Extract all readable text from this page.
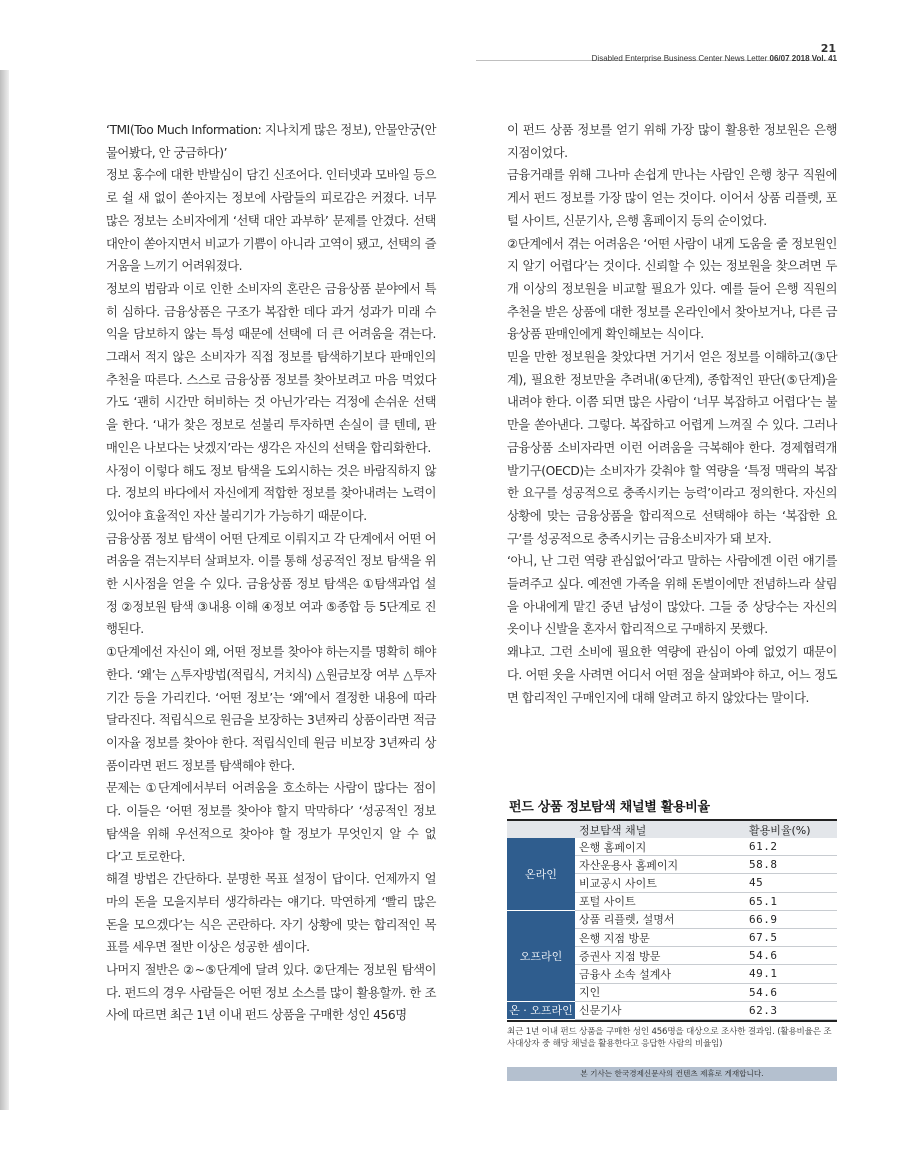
21
Disabled Enterprise Business Center News Letter 06/07 2018 Vol. 41

‘TMI(Too Much Information: 지나치게 많은 정보), 안물안궁(안 물어봤다, 안 궁금하다)’

정보 홍수에 대한 반발심이 담긴 신조어다. 인터넷과 모바일 등으로 쉴 새 없이 쏟아지는 정보에 사람들의 피로감은 커졌다. 너무 많은 정보는 소비자에게 ‘선택 대안 과부하’ 문제를 안겼다. 선택 대안이 쏟아지면서 비교가 기쁨이 아니라 고역이 됐고, 선택의 즐거움을 느끼기 어려워졌다.

정보의 범람과 이로 인한 소비자의 혼란은 금융상품 분야에서 특히 심하다. 금융상품은 구조가 복잡한 데다 과거 성과가 미래 수익을 담보하지 않는 특성 때문에 선택에 더 큰 어려움을 겪는다. 그래서 적지 않은 소비자가 직접 정보를 탐색하기보다 판매인의 추천을 따른다. 스스로 금융상품 정보를 찾아보려고 마음 먹었다가도 ‘괜히 시간만 허비하는 것 아닌가’라는 걱정에 손쉬운 선택을 한다. ‘내가 찾은 정보로 섣불리 투자하면 손실이 클 텐데, 판매인은 나보다는 낫겠지’라는 생각은 자신의 선택을 합리화한다.

사정이 이렇다 해도 정보 탐색을 도외시하는 것은 바람직하지 않다. 정보의 바다에서 자신에게 적합한 정보를 찾아내려는 노력이 있어야 효율적인 자산 불리기가 가능하기 때문이다.

금융상품 정보 탐색이 어떤 단계로 이뤄지고 각 단계에서 어떤 어려움을 겪는지부터 살펴보자. 이를 통해 성공적인 정보 탐색을 위한 시사점을 얻을 수 있다. 금융상품 정보 탐색은 ①탐색과업 설정 ②정보원 탐색 ③내용 이해 ④정보 여과 ⑤종합 등 5단계로 진행된다.

①단계에선 자신이 왜, 어떤 정보를 찾아야 하는지를 명확히 해야 한다. ‘왜’는 △투자방법(적립식, 거치식) △원금보장 여부 △투자기간 등을 가리킨다. ‘어떤 정보’는 ‘왜’에서 결정한 내용에 따라 달라진다. 적립식으로 원금을 보장하는 3년짜리 상품이라면 적금 이자율 정보를 찾아야 한다. 적립식인데 원금 비보장 3년짜리 상품이라면 펀드 정보를 탐색해야 한다.

문제는 ①단계에서부터 어려움을 호소하는 사람이 많다는 점이다. 이들은 ‘어떤 정보를 찾아야 할지 막막하다’ ‘성공적인 정보 탐색을 위해 우선적으로 찾아야 할 정보가 무엇인지 알 수 없다’고 토로한다.

해결 방법은 간단하다. 분명한 목표 설정이 답이다. 언제까지 얼마의 돈을 모을지부터 생각하라는 얘기다. 막연하게 ‘빨리 많은 돈을 모으겠다’는 식은 곤란하다. 자기 상황에 맞는 합리적인 목표를 세우면 절반 이상은 성공한 셈이다.

나머지 절반은 ②~⑤단계에 달려 있다. ②단계는 정보원 탐색이다. 펀드의 경우 사람들은 어떤 정보 소스를 많이 활용할까. 한 조사에 따르면 최근 1년 이내 펀드 상품을 구매한 성인 456명

이 펀드 상품 정보를 얻기 위해 가장 많이 활용한 정보원은 은행 지점이었다.

금융거래를 위해 그나마 손쉽게 만나는 사람인 은행 창구 직원에게서 펀드 정보를 가장 많이 얻는 것이다. 이어서 상품 리플렛, 포털 사이트, 신문기사, 은행 홈페이지 등의 순이었다.

②단계에서 겪는 어려움은 ‘어떤 사람이 내게 도움을 줄 정보원인지 알기 어렵다’는 것이다. 신뢰할 수 있는 정보원을 찾으려면 두 개 이상의 정보원을 비교할 필요가 있다. 예를 들어 은행 직원의 추천을 받은 상품에 대한 정보를 온라인에서 찾아보거나, 다른 금융상품 판매인에게 확인해보는 식이다.

믿을 만한 정보원을 찾았다면 거기서 얻은 정보를 이해하고(③단계), 필요한 정보만을 추려내(④단계), 종합적인 판단(⑤단계)을 내려야 한다. 이쯤 되면 많은 사람이 ‘너무 복잡하고 어렵다’는 불만을 쏟아낸다. 그렇다. 복잡하고 어렵게 느껴질 수 있다. 그러나 금융상품 소비자라면 이런 어려움을 극복해야 한다. 경제협력개발기구(OECD)는 소비자가 갖춰야 할 역량을 ‘특정 맥락의 복잡한 요구를 성공적으로 충족시키는 능력’이라고 정의한다. 자신의 상황에 맞는 금융상품을 합리적으로 선택해야 하는 ‘복잡한 요구’를 성공적으로 충족시키는 금융소비자가 돼 보자.

‘아니, 난 그런 역량 관심없어’라고 말하는 사람에겐 이런 얘기를 들려주고 싶다. 예전엔 가족을 위해 돈벌이에만 전념하느라 살림을 아내에게 맡긴 중년 남성이 많았다. 그들 중 상당수는 자신의 옷이나 신발을 혼자서 합리적으로 구매하지 못했다.

왜냐고. 그런 소비에 필요한 역량에 관심이 아예 없었기 때문이다. 어떤 옷을 사려면 어디서 어떤 점을 살펴봐야 하고, 어느 정도면 합리적인 구매인지에 대해 알려고 하지 않았다는 말이다.

펀드 상품 정보탐색 채널별 활용비율
	정보탐색 채널	활용비율(%)
온라인	은행 홈페이지	61.2
	자산운용사 홈페이지	58.8
	비교공시 사이트	45
	포털 사이트	65.1
오프라인	상품 리플렛, 설명서	66.9
	은행 지점 방문	67.5
	증권사 지점 방문	54.6
	금융사 소속 설계사	49.1
	지인	54.6
온 · 오프라인	신문기사	62.3
최근 1년 이내 펀드 상품을 구매한 성인 456명을 대상으로 조사한 결과임. (활용비율은 조사대상자 중 해당 채널을 활용한다고 응답한 사람의 비율임)
본 기사는 한국경제신문사의 컨텐츠 제휴로 게재합니다.
